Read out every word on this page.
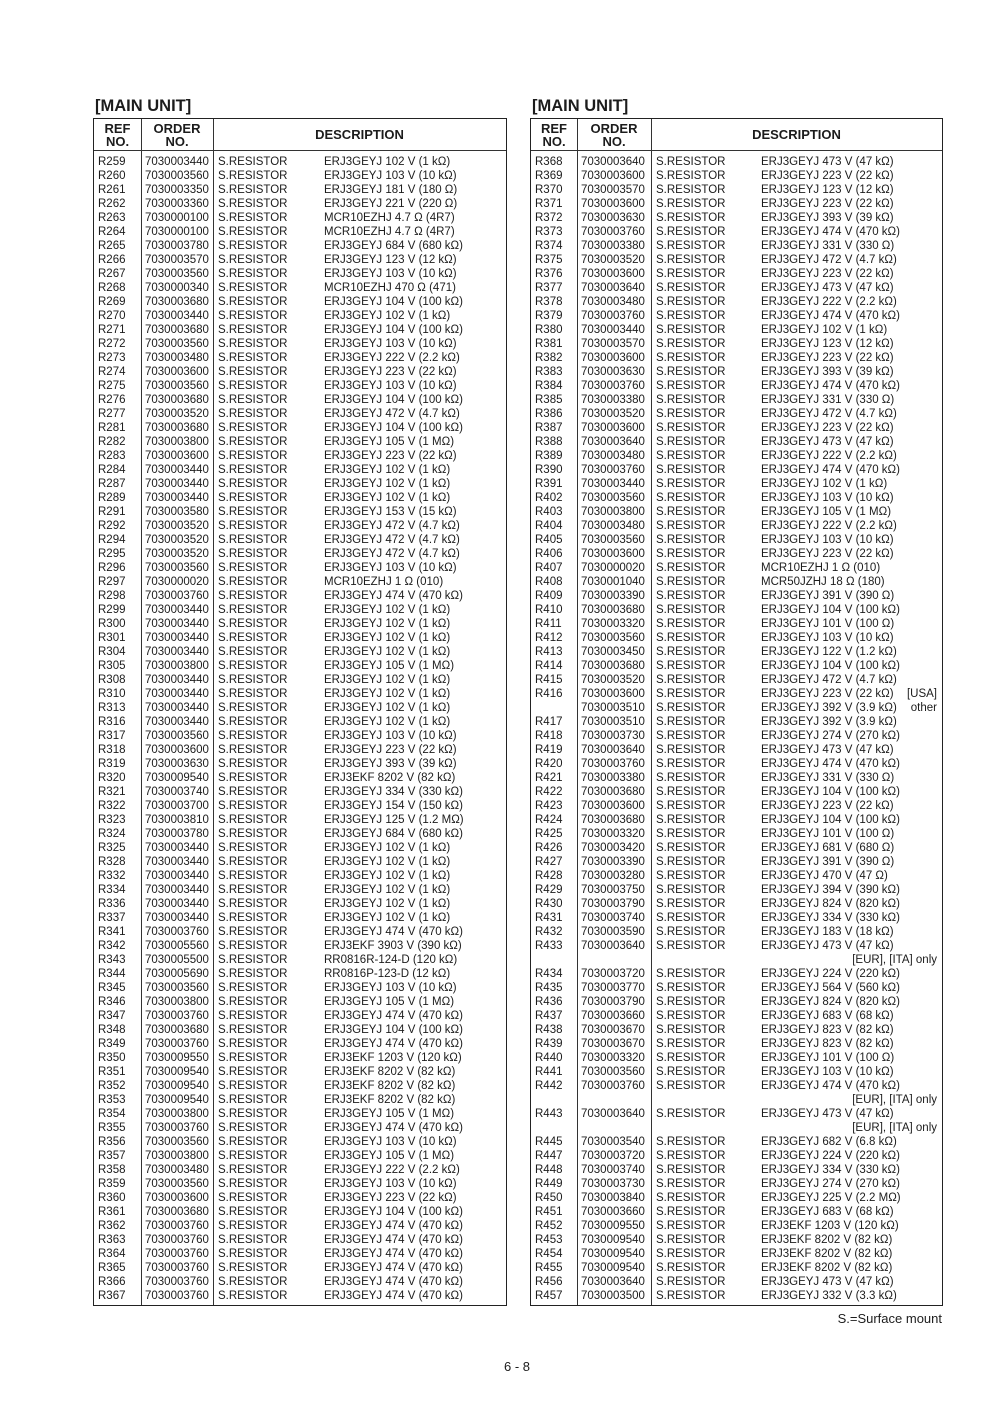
[MAIN UNIT]
REF
NO.
ORDER
NO.	DESCRIPTION
R259 7030003440 S.RESISTOR	ERJ3GEYJ 102 V (1 kΩ)
R260 7030003560 S.RESISTOR	ERJ3GEYJ 103 V (10 kΩ)
R261 7030003350 S.RESISTOR	ERJ3GEYJ 181 V (180 Ω)
R262 7030003360 S.RESISTOR	ERJ3GEYJ 221 V (220 Ω)
R263 7030000100 S.RESISTOR	MCR10EZHJ 4.7 Ω (4R7)
R264 7030000100 S.RESISTOR	MCR10EZHJ 4.7 Ω (4R7)
R265 7030003780 S.RESISTOR	ERJ3GEYJ 684 V (680 kΩ)
R266 7030003570 S.RESISTOR	ERJ3GEYJ 123 V (12 kΩ)
R267 7030003560 S.RESISTOR	ERJ3GEYJ 103 V (10 kΩ)
R268 7030000340 S.RESISTOR	MCR10EZHJ 470 Ω (471)
R269 7030003680 S.RESISTOR	ERJ3GEYJ 104 V (100 kΩ)
R270 7030003440 S.RESISTOR	ERJ3GEYJ 102 V (1 kΩ)
R271 7030003680 S.RESISTOR	ERJ3GEYJ 104 V (100 kΩ)
R272 7030003560 S.RESISTOR	ERJ3GEYJ 103 V (10 kΩ)
R273 7030003480 S.RESISTOR	ERJ3GEYJ 222 V (2.2 kΩ)
R274 7030003600 S.RESISTOR	ERJ3GEYJ 223 V (22 kΩ)
R275 7030003560 S.RESISTOR	ERJ3GEYJ 103 V (10 kΩ)
R276 7030003680 S.RESISTOR	ERJ3GEYJ 104 V (100 kΩ)
R277 7030003520 S.RESISTOR	ERJ3GEYJ 472 V (4.7 kΩ)
R281 7030003680 S.RESISTOR	ERJ3GEYJ 104 V (100 kΩ)
R282 7030003800 S.RESISTOR	ERJ3GEYJ 105 V (1 MΩ)
R283 7030003600 S.RESISTOR	ERJ3GEYJ 223 V (22 kΩ)
R284 7030003440 S.RESISTOR	ERJ3GEYJ 102 V (1 kΩ)
R287 7030003440 S.RESISTOR	ERJ3GEYJ 102 V (1 kΩ)
R289 7030003440 S.RESISTOR	ERJ3GEYJ 102 V (1 kΩ)
R291 7030003580 S.RESISTOR	ERJ3GEYJ 153 V (15 kΩ)
R292 7030003520 S.RESISTOR	ERJ3GEYJ 472 V (4.7 kΩ)
R294 7030003520 S.RESISTOR	ERJ3GEYJ 472 V (4.7 kΩ)
R295 7030003520 S.RESISTOR	ERJ3GEYJ 472 V (4.7 kΩ)
R296 7030003560 S.RESISTOR	ERJ3GEYJ 103 V (10 kΩ)
R297 7030000020 S.RESISTOR	MCR10EZHJ 1 Ω (010)
R298 7030003760 S.RESISTOR	ERJ3GEYJ 474 V (470 kΩ)
R299 7030003440 S.RESISTOR	ERJ3GEYJ 102 V (1 kΩ)
R300 7030003440 S.RESISTOR	ERJ3GEYJ 102 V (1 kΩ)
R301 7030003440 S.RESISTOR	ERJ3GEYJ 102 V (1 kΩ)
R304 7030003440 S.RESISTOR	ERJ3GEYJ 102 V (1 kΩ)
R305 7030003800 S.RESISTOR	ERJ3GEYJ 105 V (1 MΩ)
R308 7030003440 S.RESISTOR	ERJ3GEYJ 102 V (1 kΩ)
R310 7030003440 S.RESISTOR	ERJ3GEYJ 102 V (1 kΩ)
R313 7030003440 S.RESISTOR	ERJ3GEYJ 102 V (1 kΩ)
R316 7030003440 S.RESISTOR	ERJ3GEYJ 102 V (1 kΩ)
R317 7030003560 S.RESISTOR	ERJ3GEYJ 103 V (10 kΩ)
R318 7030003600 S.RESISTOR	ERJ3GEYJ 223 V (22 kΩ)
R319 7030003630 S.RESISTOR	ERJ3GEYJ 393 V (39 kΩ)
R320 7030009540 S.RESISTOR	ERJ3EKF 8202 V (82 kΩ)
R321 7030003740 S.RESISTOR	ERJ3GEYJ 334 V (330 kΩ)
R322 7030003700 S.RESISTOR	ERJ3GEYJ 154 V (150 kΩ)
R323 7030003810 S.RESISTOR	ERJ3GEYJ 125 V (1.2 MΩ)
R324 7030003780 S.RESISTOR	ERJ3GEYJ 684 V (680 kΩ)
R325 7030003440 S.RESISTOR	ERJ3GEYJ 102 V (1 kΩ)
R328 7030003440 S.RESISTOR	ERJ3GEYJ 102 V (1 kΩ)
R332 7030003440 S.RESISTOR	ERJ3GEYJ 102 V (1 kΩ)
R334 7030003440 S.RESISTOR	ERJ3GEYJ 102 V (1 kΩ)
R336 7030003440 S.RESISTOR	ERJ3GEYJ 102 V (1 kΩ)
R337 7030003440 S.RESISTOR	ERJ3GEYJ 102 V (1 kΩ)
R341 7030003760 S.RESISTOR	ERJ3GEYJ 474 V (470 kΩ)
R342 7030005560 S.RESISTOR	ERJ3EKF 3903 V (390 kΩ)
R343 7030005500 S.RESISTOR	RR0816R-124-D (120 kΩ)
R344 7030005690 S.RESISTOR	RR0816P-123-D (12 kΩ)
R345 7030003560 S.RESISTOR	ERJ3GEYJ 103 V (10 kΩ)
R346 7030003800 S.RESISTOR	ERJ3GEYJ 105 V (1 MΩ)
R347 7030003760 S.RESISTOR	ERJ3GEYJ 474 V (470 kΩ)
R348 7030003680 S.RESISTOR	ERJ3GEYJ 104 V (100 kΩ)
R349 7030003760 S.RESISTOR	ERJ3GEYJ 474 V (470 kΩ)
R350 7030009550 S.RESISTOR	ERJ3EKF 1203 V (120 kΩ)
R351 7030009540 S.RESISTOR	ERJ3EKF 8202 V (82 kΩ)
R352 7030009540 S.RESISTOR	ERJ3EKF 8202 V (82 kΩ)
R353 7030009540 S.RESISTOR	ERJ3EKF 8202 V (82 kΩ)
R354 7030003800 S.RESISTOR	ERJ3GEYJ 105 V (1 MΩ)
R355 7030003760 S.RESISTOR	ERJ3GEYJ 474 V (470 kΩ)
R356 7030003560 S.RESISTOR	ERJ3GEYJ 103 V (10 kΩ)
R357 7030003800 S.RESISTOR	ERJ3GEYJ 105 V (1 MΩ)
R358 7030003480 S.RESISTOR	ERJ3GEYJ 222 V (2.2 kΩ)
R359 7030003560 S.RESISTOR	ERJ3GEYJ 103 V (10 kΩ)
R360 7030003600 S.RESISTOR	ERJ3GEYJ 223 V (22 kΩ)
R361 7030003680 S.RESISTOR	ERJ3GEYJ 104 V (100 kΩ)
R362 7030003760 S.RESISTOR	ERJ3GEYJ 474 V (470 kΩ)
R363 7030003760 S.RESISTOR	ERJ3GEYJ 474 V (470 kΩ)
R364 7030003760 S.RESISTOR	ERJ3GEYJ 474 V (470 kΩ)
R365 7030003760 S.RESISTOR	ERJ3GEYJ 474 V (470 kΩ)
R366 7030003760 S.RESISTOR	ERJ3GEYJ 474 V (470 kΩ)
R367 7030003760 S.RESISTOR	ERJ3GEYJ 474 V (470 kΩ)
[MAIN UNIT]
REF
NO.
ORDER
NO.	DESCRIPTION
R368 7030003640 S.RESISTOR	ERJ3GEYJ 473 V (47 kΩ)
R369 7030003600 S.RESISTOR	ERJ3GEYJ 223 V (22 kΩ)
R370 7030003570 S.RESISTOR	ERJ3GEYJ 123 V (12 kΩ)
R371 7030003600 S.RESISTOR	ERJ3GEYJ 223 V (22 kΩ)
R372 7030003630 S.RESISTOR	ERJ3GEYJ 393 V (39 kΩ)
R373 7030003760 S.RESISTOR	ERJ3GEYJ 474 V (470 kΩ)
R374 7030003380 S.RESISTOR	ERJ3GEYJ 331 V (330 Ω)
R375 7030003520 S.RESISTOR	ERJ3GEYJ 472 V (4.7 kΩ)
R376 7030003600 S.RESISTOR	ERJ3GEYJ 223 V (22 kΩ)
R377 7030003640 S.RESISTOR	ERJ3GEYJ 473 V (47 kΩ)
R378 7030003480 S.RESISTOR	ERJ3GEYJ 222 V (2.2 kΩ)
R379 7030003760 S.RESISTOR	ERJ3GEYJ 474 V (470 kΩ)
R380 7030003440 S.RESISTOR	ERJ3GEYJ 102 V (1 kΩ)
R381 7030003570 S.RESISTOR	ERJ3GEYJ 123 V (12 kΩ)
R382 7030003600 S.RESISTOR	ERJ3GEYJ 223 V (22 kΩ)
R383 7030003630 S.RESISTOR	ERJ3GEYJ 393 V (39 kΩ)
R384 7030003760 S.RESISTOR	ERJ3GEYJ 474 V (470 kΩ)
R385 7030003380 S.RESISTOR	ERJ3GEYJ 331 V (330 Ω)
R386 7030003520 S.RESISTOR	ERJ3GEYJ 472 V (4.7 kΩ)
R387 7030003600 S.RESISTOR	ERJ3GEYJ 223 V (22 kΩ)
R388 7030003640 S.RESISTOR	ERJ3GEYJ 473 V (47 kΩ)
R389 7030003480 S.RESISTOR	ERJ3GEYJ 222 V (2.2 kΩ)
R390 7030003760 S.RESISTOR	ERJ3GEYJ 474 V (470 kΩ)
R391 7030003440 S.RESISTOR	ERJ3GEYJ 102 V (1 kΩ)
R402 7030003560 S.RESISTOR	ERJ3GEYJ 103 V (10 kΩ)
R403 7030003800 S.RESISTOR	ERJ3GEYJ 105 V (1 MΩ)
R404 7030003480 S.RESISTOR	ERJ3GEYJ 222 V (2.2 kΩ)
R405 7030003560 S.RESISTOR	ERJ3GEYJ 103 V (10 kΩ)
R406 7030003600 S.RESISTOR	ERJ3GEYJ 223 V (22 kΩ)
R407 7030000020 S.RESISTOR	MCR10EZHJ 1 Ω (010)
R408 7030001040 S.RESISTOR	MCR50JZHJ 18 Ω (180)
R409 7030003390 S.RESISTOR	ERJ3GEYJ 391 V (390 Ω)
R410 7030003680 S.RESISTOR	ERJ3GEYJ 104 V (100 kΩ)
R411 7030003320 S.RESISTOR	ERJ3GEYJ 101 V (100 Ω)
R412 7030003560 S.RESISTOR	ERJ3GEYJ 103 V (10 kΩ)
R413 7030003450 S.RESISTOR	ERJ3GEYJ 122 V (1.2 kΩ)
R414 7030003680 S.RESISTOR	ERJ3GEYJ 104 V (100 kΩ)
R415 7030003520 S.RESISTOR	ERJ3GEYJ 472 V (4.7 kΩ)
R416 7030003600 S.RESISTOR	ERJ3GEYJ 223 V (22 kΩ) [USA]
7030003510 S.RESISTOR	ERJ3GEYJ 392 V (3.9 kΩ) other
R417 7030003510 S.RESISTOR	ERJ3GEYJ 392 V (3.9 kΩ)
R418 7030003730 S.RESISTOR	ERJ3GEYJ 274 V (270 kΩ)
R419 7030003640 S.RESISTOR	ERJ3GEYJ 473 V (47 kΩ)
R420 7030003760 S.RESISTOR	ERJ3GEYJ 474 V (470 kΩ)
R421 7030003380 S.RESISTOR	ERJ3GEYJ 331 V (330 Ω)
R422 7030003680 S.RESISTOR	ERJ3GEYJ 104 V (100 kΩ)
R423 7030003600 S.RESISTOR	ERJ3GEYJ 223 V (22 kΩ)
R424 7030003680 S.RESISTOR	ERJ3GEYJ 104 V (100 kΩ)
R425 7030003320 S.RESISTOR	ERJ3GEYJ 101 V (100 Ω)
R426 7030003420 S.RESISTOR	ERJ3GEYJ 681 V (680 Ω)
R427 7030003390 S.RESISTOR	ERJ3GEYJ 391 V (390 Ω)
R428 7030003280 S.RESISTOR	ERJ3GEYJ 470 V (47 Ω)
R429 7030003750 S.RESISTOR	ERJ3GEYJ 394 V (390 kΩ)
R430 7030003790 S.RESISTOR	ERJ3GEYJ 824 V (820 kΩ)
R431 7030003740 S.RESISTOR	ERJ3GEYJ 334 V (330 kΩ)
R432 7030003590 S.RESISTOR	ERJ3GEYJ 183 V (18 kΩ)
R433 7030003640 S.RESISTOR	ERJ3GEYJ 473 V (47 kΩ)
[EUR], [ITA] only
R434 7030003720 S.RESISTOR	ERJ3GEYJ 224 V (220 kΩ)
R435 7030003770 S.RESISTOR	ERJ3GEYJ 564 V (560 kΩ)
R436 7030003790 S.RESISTOR	ERJ3GEYJ 824 V (820 kΩ)
R437 7030003660 S.RESISTOR	ERJ3GEYJ 683 V (68 kΩ)
R438 7030003670 S.RESISTOR	ERJ3GEYJ 823 V (82 kΩ)
R439 7030003670 S.RESISTOR	ERJ3GEYJ 823 V (82 kΩ)
R440 7030003320 S.RESISTOR	ERJ3GEYJ 101 V (100 Ω)
R441 7030003560 S.RESISTOR	ERJ3GEYJ 103 V (10 kΩ)
R442 7030003760 S.RESISTOR	ERJ3GEYJ 474 V (470 kΩ)
[EUR], [ITA] only
R443 7030003640 S.RESISTOR	ERJ3GEYJ 473 V (47 kΩ)
[EUR], [ITA] only
R445 7030003540 S.RESISTOR	ERJ3GEYJ 682 V (6.8 kΩ)
R447 7030003720 S.RESISTOR	ERJ3GEYJ 224 V (220 kΩ)
R448 7030003740 S.RESISTOR	ERJ3GEYJ 334 V (330 kΩ)
R449 7030003730 S.RESISTOR	ERJ3GEYJ 274 V (270 kΩ)
R450 7030003840 S.RESISTOR	ERJ3GEYJ 225 V (2.2 MΩ)
R451 7030003660 S.RESISTOR	ERJ3GEYJ 683 V (68 kΩ)
R452 7030009550 S.RESISTOR	ERJ3EKF 1203 V (120 kΩ)
R453 7030009540 S.RESISTOR	ERJ3EKF 8202 V (82 kΩ)
R454 7030009540 S.RESISTOR	ERJ3EKF 8202 V (82 kΩ)
R455 7030009540 S.RESISTOR	ERJ3EKF 8202 V (82 kΩ)
R456 7030003640 S.RESISTOR	ERJ3GEYJ 473 V (47 kΩ)
R457 7030003500 S.RESISTOR	ERJ3GEYJ 332 V (3.3 kΩ)
S.=Surface mount
6 - 8
